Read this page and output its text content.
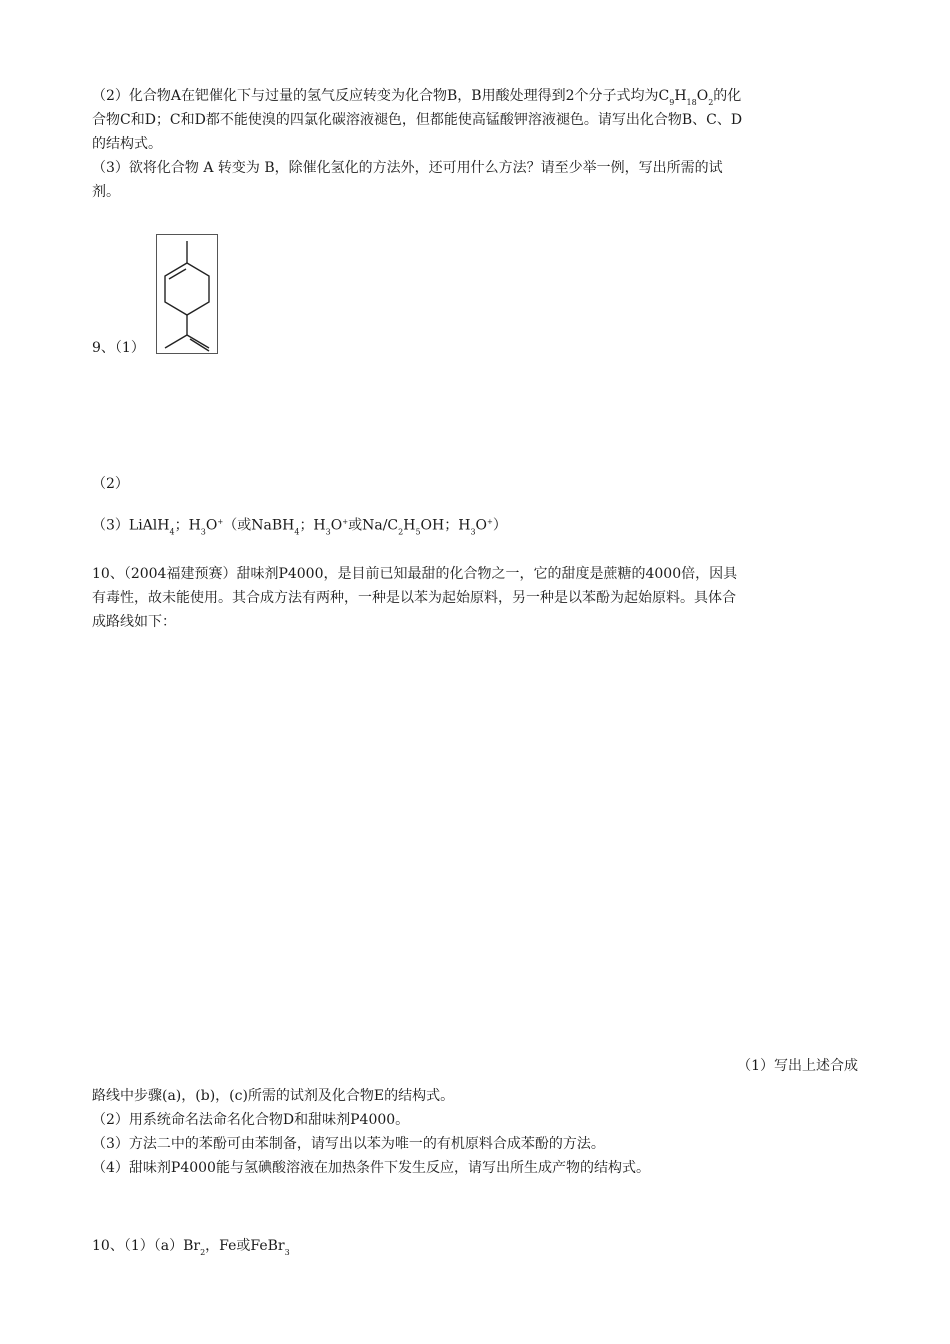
（2）化合物A在钯催化下与过量的氢气反应转变为化合物B，B用酸处理得到2个分子式均为$C_9H_{18}O_2$的化
合物C和D；C和D都不能使溴的四氯化碳溶液褪色，但都能使高锰酸钾溶液褪色。请写出化合物B、C、D
的结构式。
（3）欲将化合物 A 转变为 B，除催化氢化的方法外，还可用什么方法？请至少举一例，写出所需的试
剂。
9、（1）
（2）
（3）LiAlH$_4$；$H_3O^+$（或NaBH$_4$；$H_3O^+$或$Na/C_2H_5OH$；$H_3O^+$）
10、（2004福建预赛）甜味剂P4000，是目前已知最甜的化合物之一，它的甜度是蔗糖的4000倍，因具
有毒性，故未能使用。其合成方法有两种，一种是以苯为起始原料，另一种是以苯酚为起始原料。具体合
成路线如下：
（1）写出上述合成
路线中步骤(a)，(b)，(c)所需的试剂及化合物E的结构式。
（2）用系统命名法命名化合物D和甜味剂P4000。
（3）方法二中的苯酚可由苯制备，请写出以苯为唯一的有机原料合成苯酚的方法。
（4）甜味剂P4000能与氢碘酸溶液在加热条件下发生反应，请写出所生成产物的结构式。
10、$(1)(a)Br_2$，Fe或FeBr$_3$
